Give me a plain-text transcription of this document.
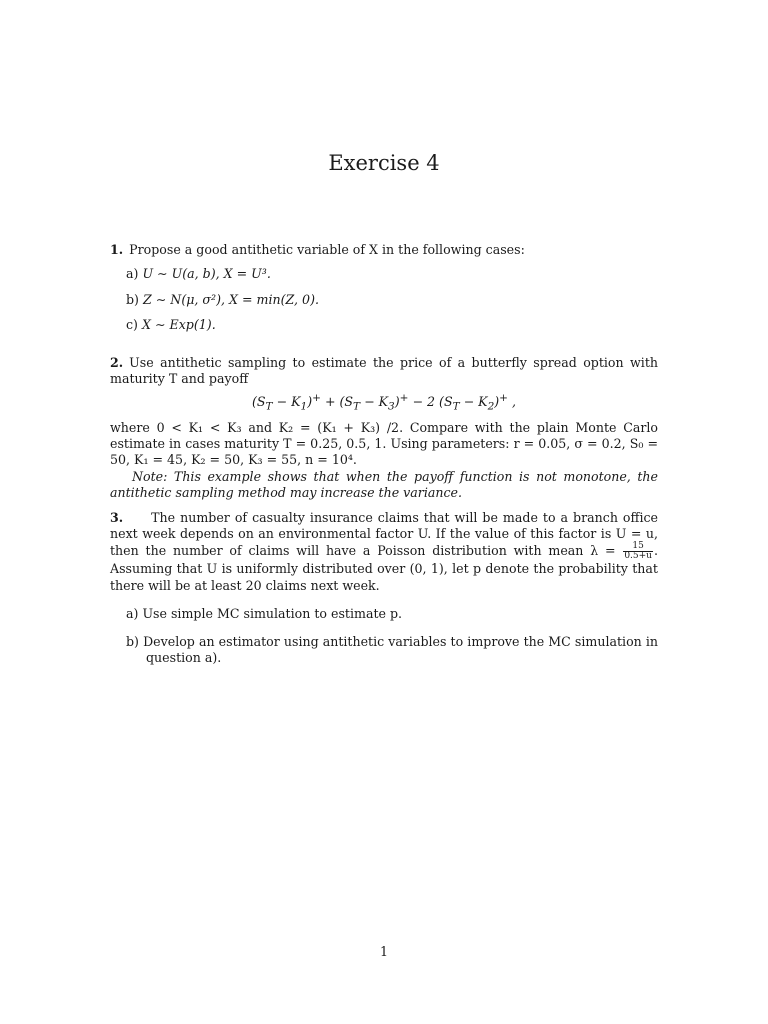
Exercise 4

1. Propose a good antithetic variable of X in the following cases:

a) U ∼ U(a, b), X = U³.
b) Z ∼ N(μ, σ²), X = min(Z, 0).
c) X ∼ Exp(1).

2. Use antithetic sampling to estimate the price of a butterfly spread option with maturity T and payoff

$(S_T - K_1)^+ + (S_T - K_3)^+ - 2$ $(S_T - K_2)^+$ ,

where 0 < K₁ < K₃ and K₂ = (K₁ + K₃) /2. Compare with the plain Monte Carlo estimate in cases maturity T = 0.25, 0.5, 1. Using parameters: r = 0.05, σ = 0.2, S₀ = 50, K₁ = 45, K₂ = 50, K₃ = 55, n = 10⁴.

Note: This example shows that when the payoff function is not monotone, the antithetic sampling method may increase the variance.

3. The number of casualty insurance claims that will be made to a branch office next week depends on an environmental factor U. If the value of this factor is U = u, then the number of claims will have a Poisson distribution with mean $\lambda = \frac{15}{0.5+u}$ . Assuming that U is uniformly distributed over (0, 1), let p denote the probability that there will be at least 20 claims next week.

a) Use simple MC simulation to estimate p.
b) Develop an estimator using antithetic variables to improve the MC simulation in question a).
1
